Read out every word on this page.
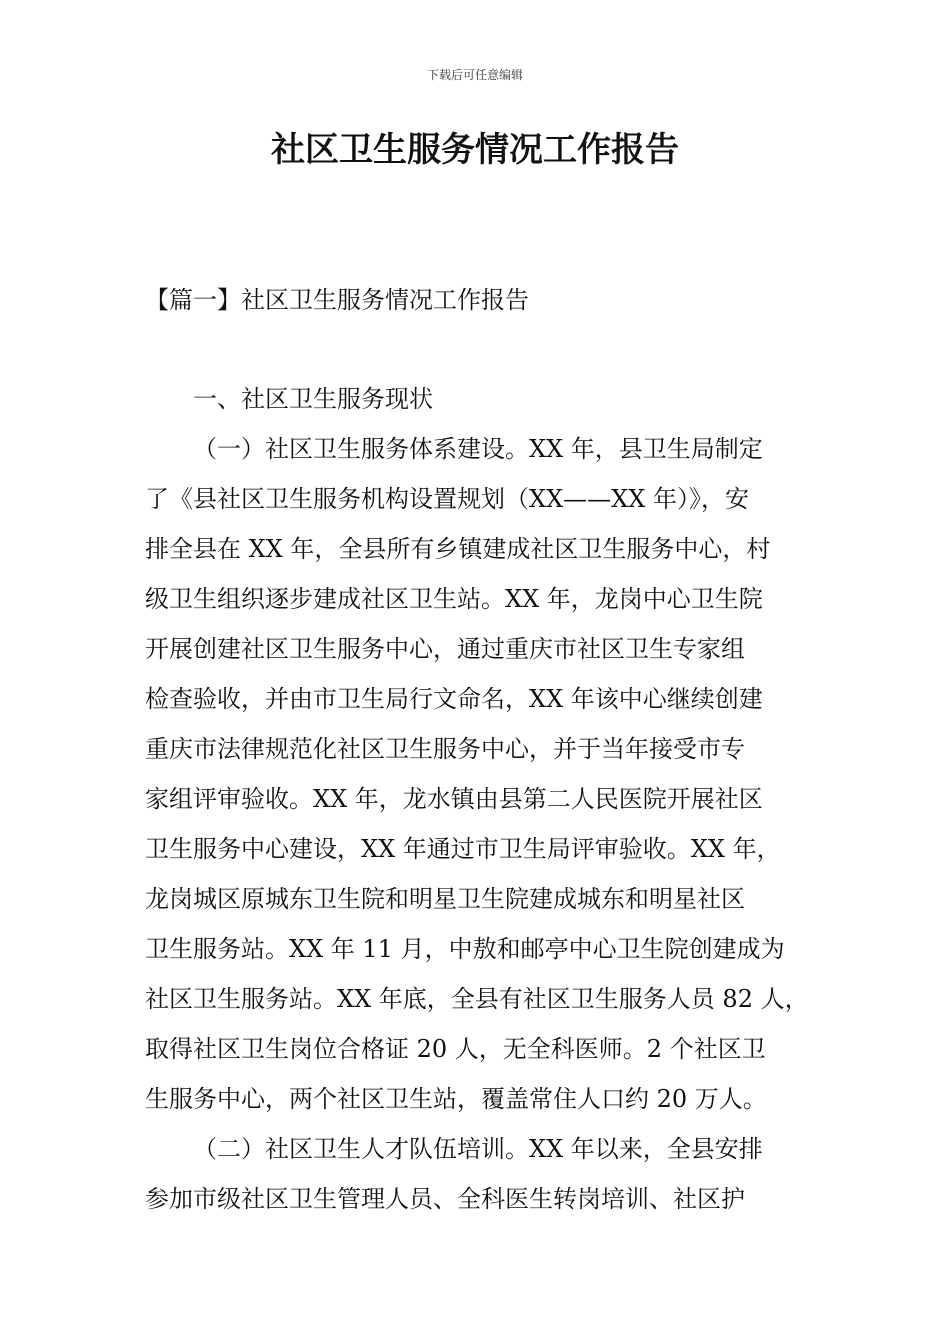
下载后可任意编辑
社区卫生服务情况工作报告
【篇一】社区卫生服务情况工作报告
一、社区卫生服务现状
（一）社区卫生服务体系建设。XX 年，县卫生局制定
了《县社区卫生服务机构设置规划（XX——XX 年）》，安
排全县在 XX 年，全县所有乡镇建成社区卫生服务中心，村
级卫生组织逐步建成社区卫生站。XX 年，龙岗中心卫生院
开展创建社区卫生服务中心，通过重庆市社区卫生专家组
检查验收，并由市卫生局行文命名，XX 年该中心继续创建
重庆市法律规范化社区卫生服务中心，并于当年接受市专
家组评审验收。XX 年，龙水镇由县第二人民医院开展社区
卫生服务中心建设，XX 年通过市卫生局评审验收。XX 年，
龙岗城区原城东卫生院和明星卫生院建成城东和明星社区
卫生服务站。XX 年 11 月，中敖和邮亭中心卫生院创建成为
社区卫生服务站。XX 年底，全县有社区卫生服务人员 82 人，
取得社区卫生岗位合格证 20 人，无全科医师。2 个社区卫
生服务中心，两个社区卫生站，覆盖常住人口约 20 万人。
（二）社区卫生人才队伍培训。XX 年以来，全县安排
参加市级社区卫生管理人员、全科医生转岗培训、社区护
